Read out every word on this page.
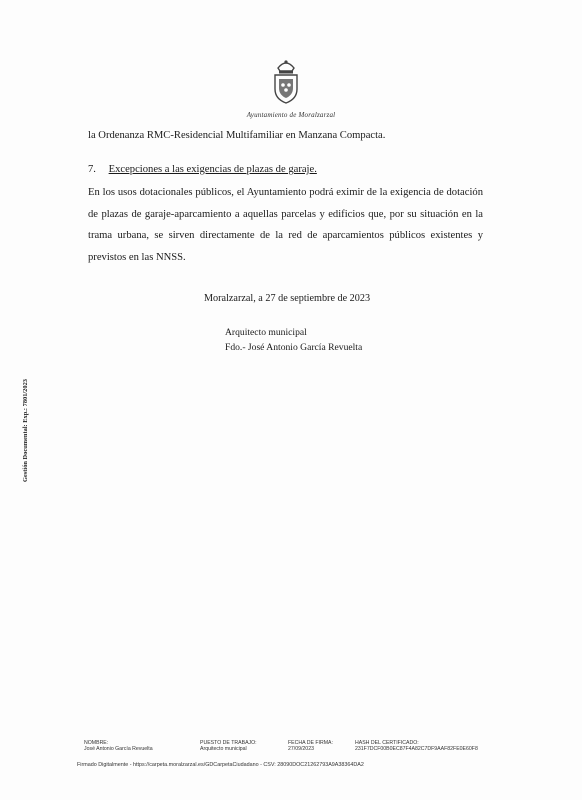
Ayuntamiento de Moralzarzal
la Ordenanza RMC-Residencial Multifamiliar en Manzana Compacta.
7. Excepciones a las exigencias de plazas de garaje.
En los usos dotacionales públicos, el Ayuntamiento podrá eximir de la exigencia de dotación de plazas de garaje-aparcamiento a aquellas parcelas y edificios que, por su situación en la trama urbana, se sirven directamente de la red de aparcamientos públicos existentes y previstos en las NNSS.
Moralzarzal, a 27 de septiembre de 2023
Arquitecto municipal
Fdo.- José Antonio García Revuelta
Gestión Documental: Exp.: 7801/2023
NOMBRE:
José Antonio García Revuelta
PUESTO DE TRABAJO:
Arquitecto municipal
FECHA DE FIRMA:
27/09/2023
HASH DEL CERTIFICADO:
231F7DCF00B0EC87F4A82C7DF9AAF82FE0E60F8
Firmado Digitalmente - https://carpeta.moralzarzal.es/GDCarpetaCiudadano - CSV: 28090DOC21262793A9A38364DA2
